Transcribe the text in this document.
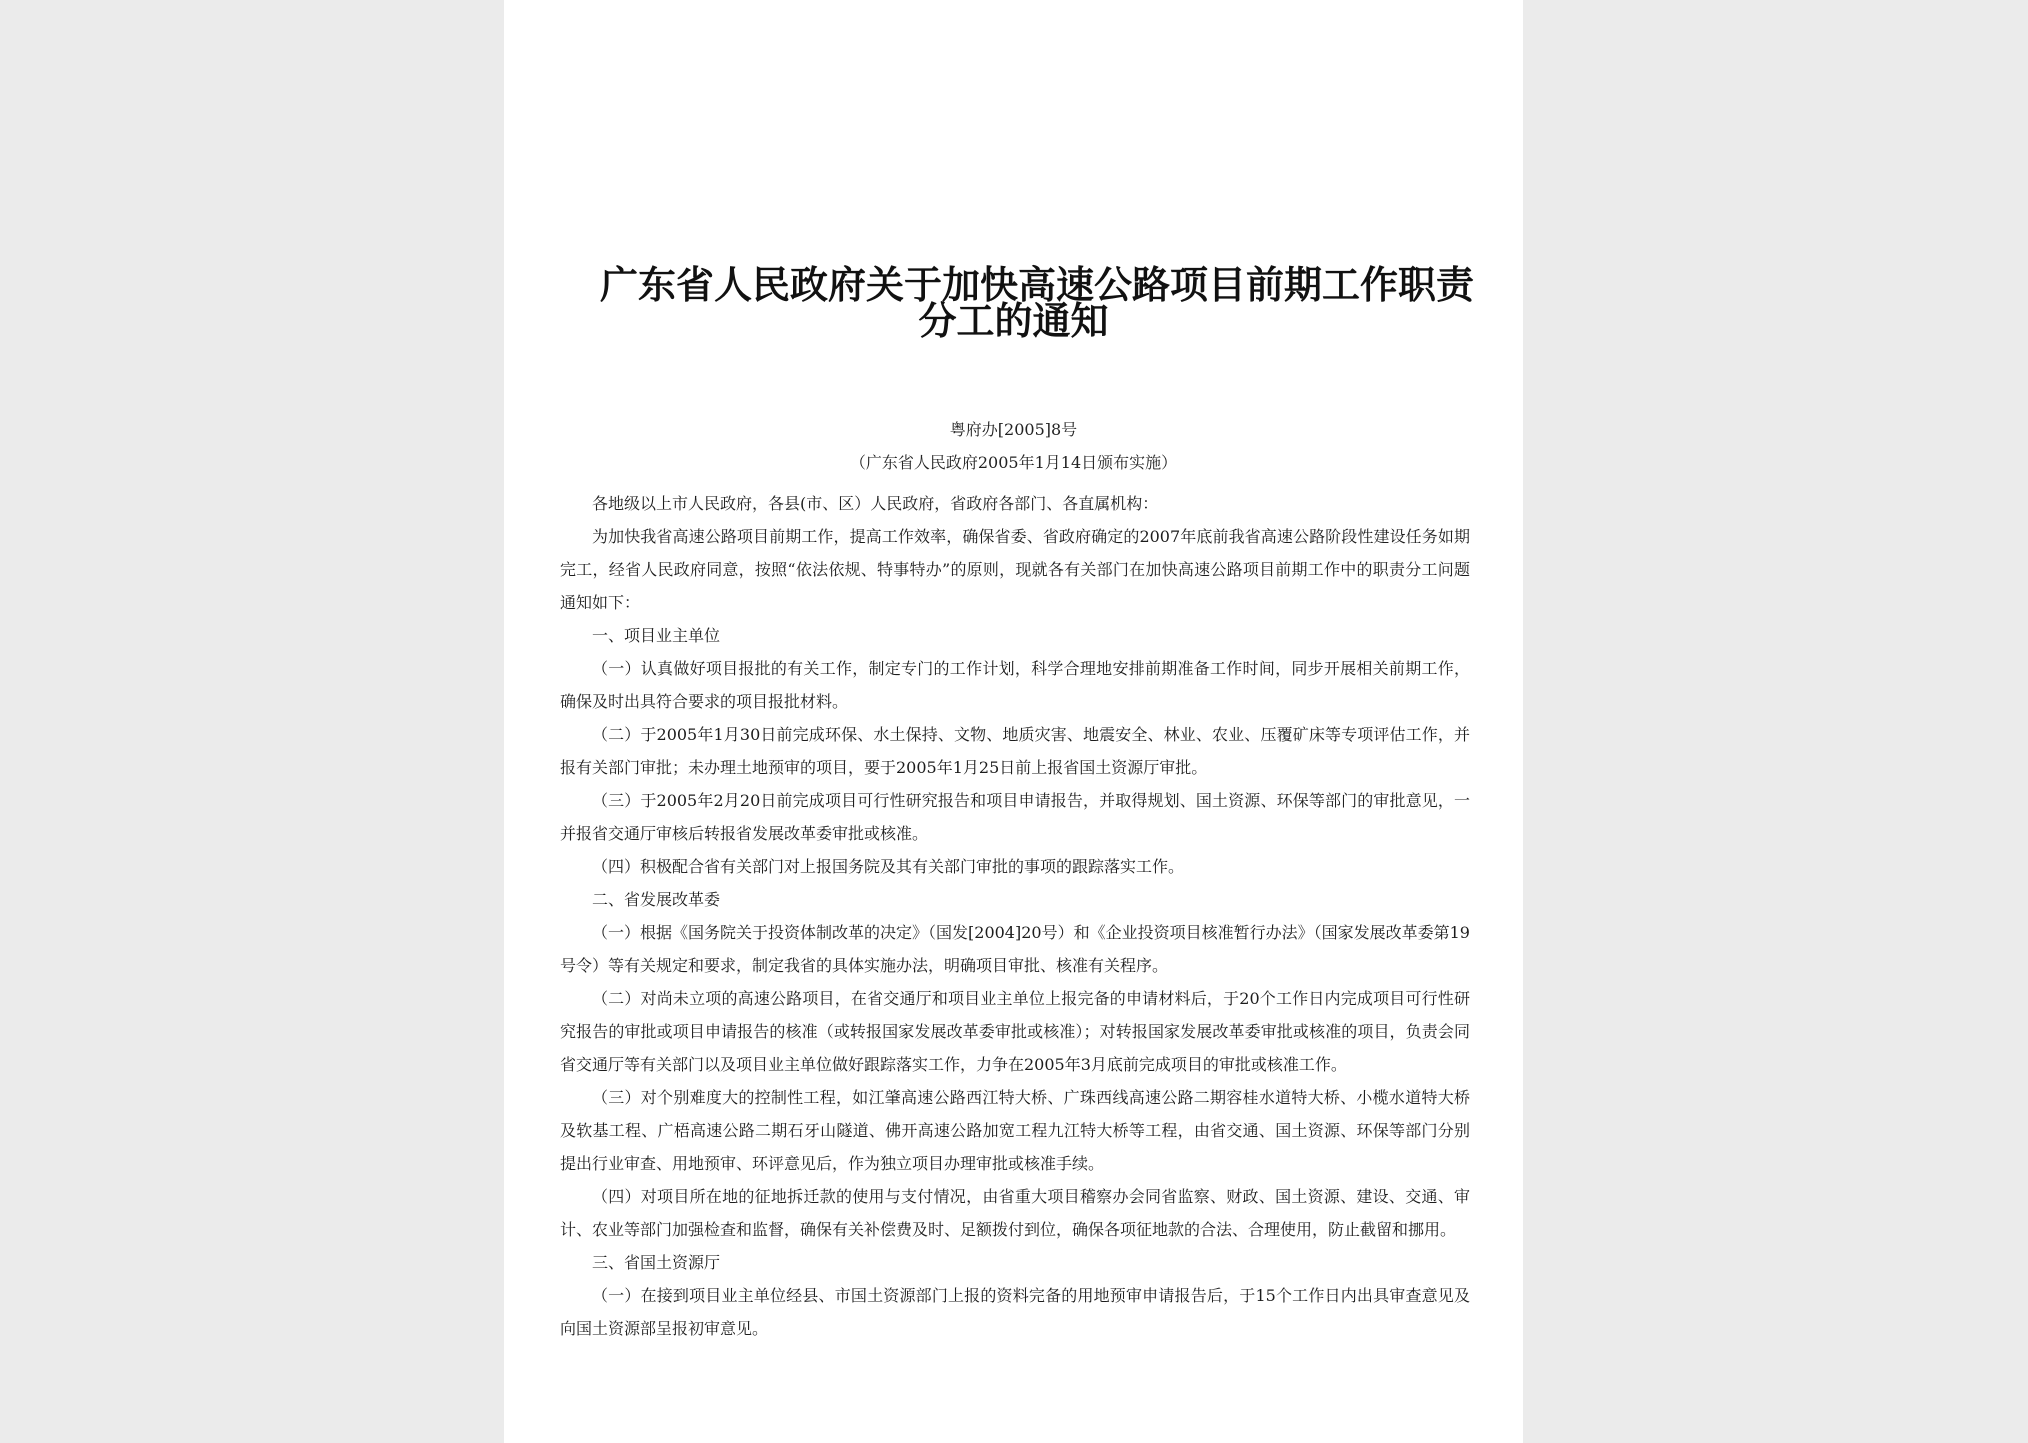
广东省人民政府关于加快高速公路项目前期工作职责
分工的通知
粤府办[2005]8号
（广东省人民政府2005年1月14日颁布实施）

各地级以上市人民政府，各县(市、区）人民政府，省政府各部门、各直属机构：

为加快我省高速公路项目前期工作，提高工作效率，确保省委、省政府确定的2007年底前我省高速公路阶段性建设任务如期完工，经省人民政府同意，按照“依法依规、特事特办”的原则，现就各有关部门在加快高速公路项目前期工作中的职责分工问题通知如下：

一、项目业主单位

（一）认真做好项目报批的有关工作，制定专门的工作计划，科学合理地安排前期准备工作时间，同步开展相关前期工作，确保及时出具符合要求的项目报批材料。

（二）于2005年1月30日前完成环保、水土保持、文物、地质灾害、地震安全、林业、农业、压覆矿床等专项评估工作，并报有关部门审批；未办理土地预审的项目，要于2005年1月25日前上报省国土资源厅审批。

（三）于2005年2月20日前完成项目可行性研究报告和项目申请报告，并取得规划、国土资源、环保等部门的审批意见，一并报省交通厅审核后转报省发展改革委审批或核准。

（四）积极配合省有关部门对上报国务院及其有关部门审批的事项的跟踪落实工作。

二、省发展改革委

（一）根据《国务院关于投资体制改革的决定》（国发[2004]20号）和《企业投资项目核准暂行办法》（国家发展改革委第19号令）等有关规定和要求，制定我省的具体实施办法，明确项目审批、核准有关程序。

（二）对尚未立项的高速公路项目，在省交通厅和项目业主单位上报完备的申请材料后，于20个工作日内完成项目可行性研究报告的审批或项目申请报告的核准（或转报国家发展改革委审批或核准）；对转报国家发展改革委审批或核准的项目，负责会同省交通厅等有关部门以及项目业主单位做好跟踪落实工作，力争在2005年3月底前完成项目的审批或核准工作。

（三）对个别难度大的控制性工程，如江肇高速公路西江特大桥、广珠西线高速公路二期容桂水道特大桥、小榄水道特大桥及软基工程、广梧高速公路二期石牙山隧道、佛开高速公路加宽工程九江特大桥等工程，由省交通、国土资源、环保等部门分别提出行业审查、用地预审、环评意见后，作为独立项目办理审批或核准手续。

（四）对项目所在地的征地拆迁款的使用与支付情况，由省重大项目稽察办会同省监察、财政、国土资源、建设、交通、审计、农业等部门加强检查和监督，确保有关补偿费及时、足额拨付到位，确保各项征地款的合法、合理使用，防止截留和挪用。

三、省国土资源厅

（一）在接到项目业主单位经县、市国土资源部门上报的资料完备的用地预审申请报告后，于15个工作日内出具审查意见及向国土资源部呈报初审意见。
